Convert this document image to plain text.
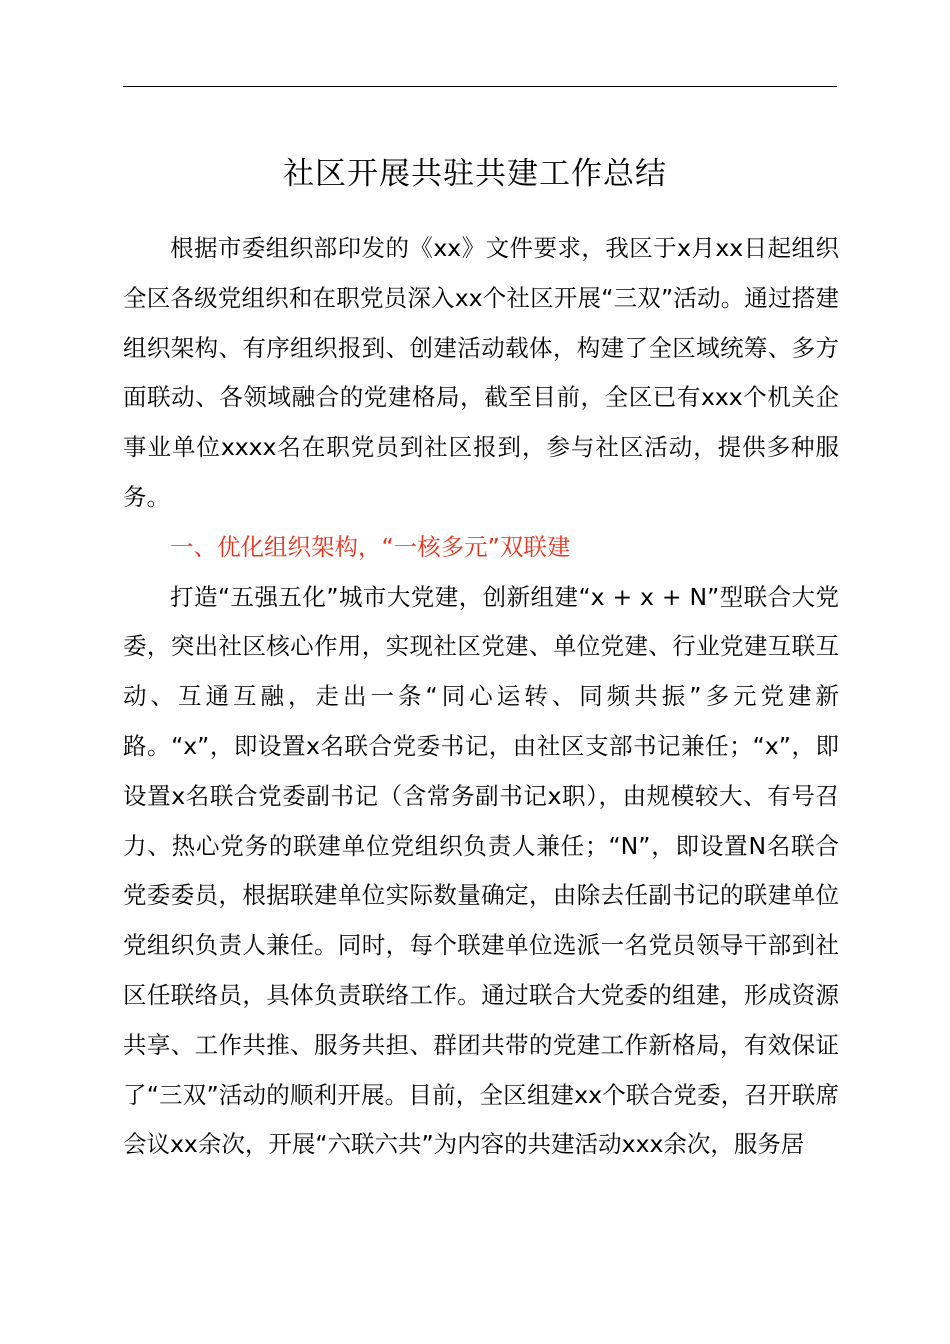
社区开展共驻共建工作总结

根据市委组织部印发的《xx》文件要求，我区于x月xx日起组织全区各级党组织和在职党员深入xx个社区开展“三双”活动。通过搭建组织架构、有序组织报到、创建活动载体，构建了全区域统筹、多方面联动、各领域融合的党建格局，截至目前，全区已有xxx个机关企事业单位xxxx名在职党员到社区报到，参与社区活动，提供多种服务。

一、优化组织架构，“一核多元”双联建

打造“五强五化”城市大党建，创新组建“x + x + N”型联合大党委，突出社区核心作用，实现社区党建、单位党建、行业党建互联互动、互通互融，走出一条“同心运转、同频共振”多元党建新路。“x”，即设置x名联合党委书记，由社区支部书记兼任；“x”，即设置x名联合党委副书记（含常务副书记x职），由规模较大、有号召力、热心党务的联建单位党组织负责人兼任；“N”，即设置N名联合党委委员，根据联建单位实际数量确定，由除去任副书记的联建单位党组织负责人兼任。同时，每个联建单位选派一名党员领导干部到社区任联络员，具体负责联络工作。通过联合大党委的组建，形成资源共享、工作共推、服务共担、群团共带的党建工作新格局，有效保证了“三双”活动的顺利开展。目前，全区组建xx个联合党委，召开联席会议xx余次，开展“六联六共”为内容的共建活动xxx余次，服务居
